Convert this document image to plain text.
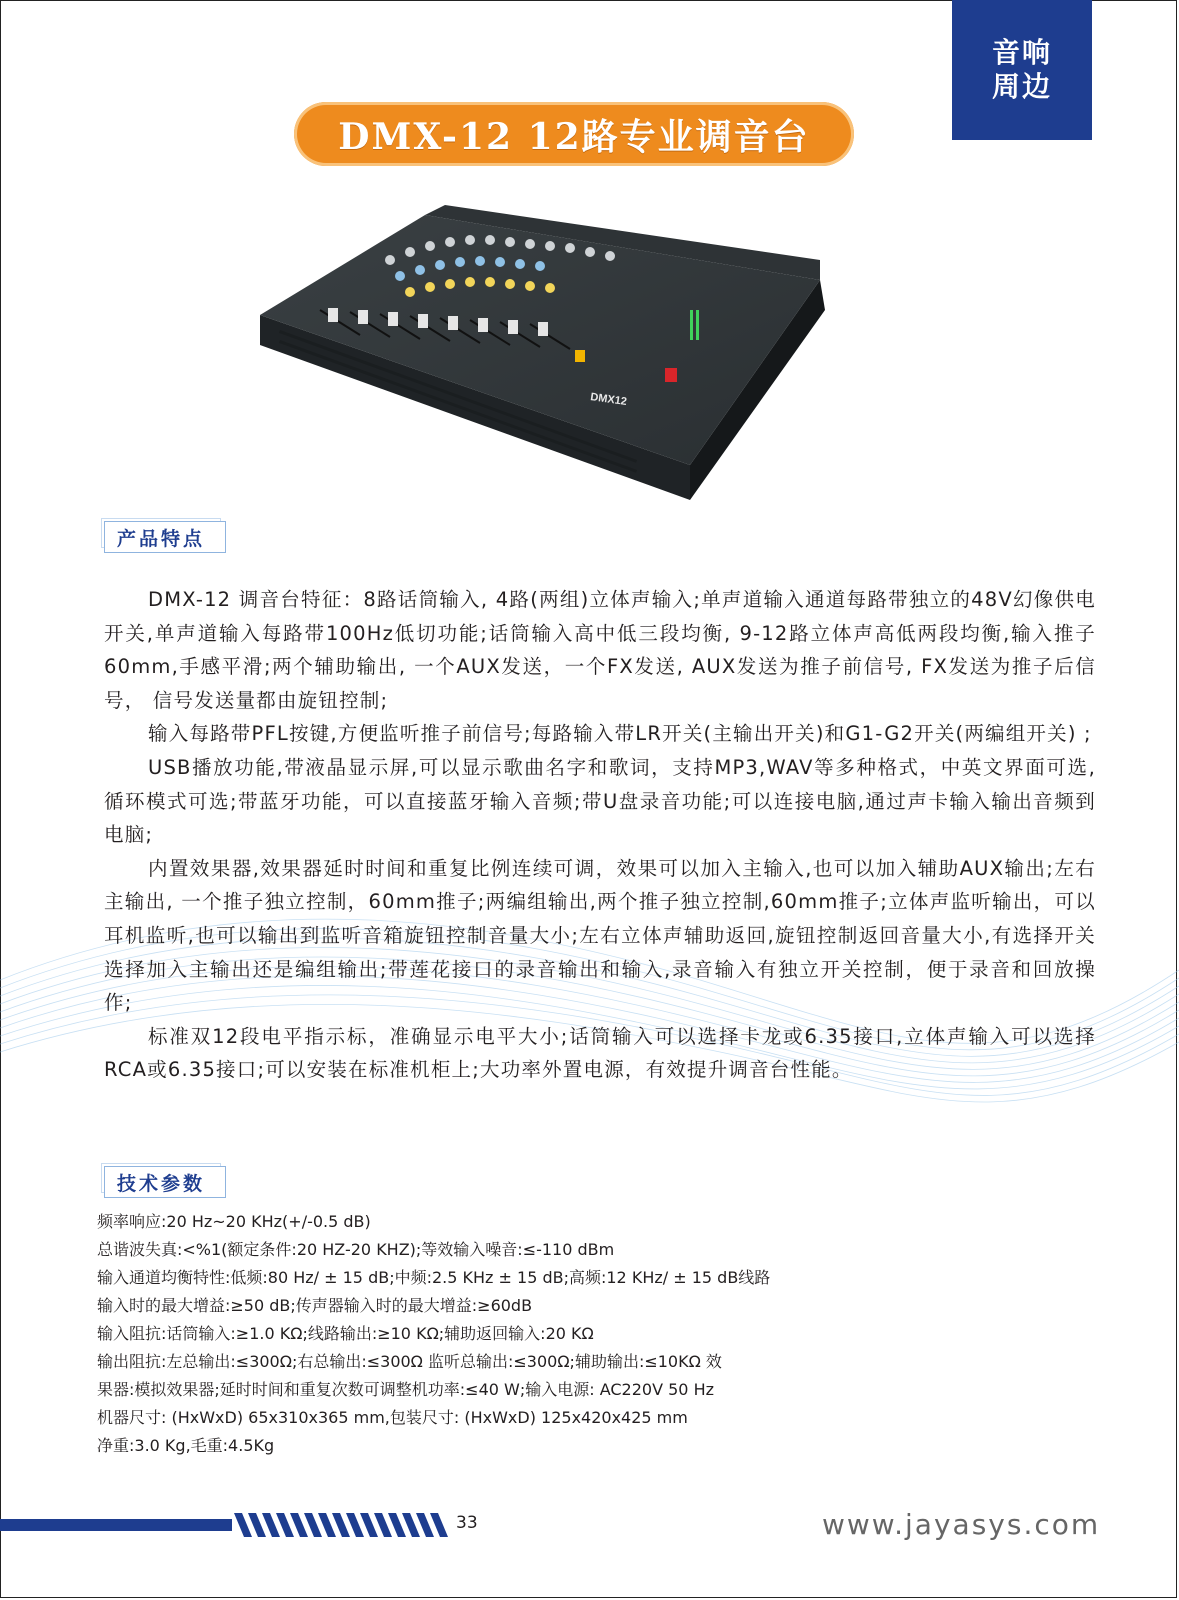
音响
周边
DMX-12 12路专业调音台
DMX12
产品特点

DMX-12 调音台特征：8路话筒输入, 4路(两组)立体声输入;单声道输入通道每路带独立的48V幻像供电开关,单声道输入每路带100Hz低切功能;话筒输入高中低三段均衡, 9-12路立体声高低两段均衡,输入推子60mm,手感平滑;两个辅助输出, 一个AUX发送，一个FX发送, AUX发送为推子前信号, FX发送为推子后信号， 信号发送量都由旋钮控制;

输入每路带PFL按键,方便监听推子前信号;每路输入带LR开关(主输出开关)和G1-G2开关(两编组开关) ;

USB播放功能,带液晶显示屏,可以显示歌曲名字和歌词，支持MP3,WAV等多种格式，中英文界面可选,循环模式可选;带蓝牙功能，可以直接蓝牙输入音频;带U盘录音功能;可以连接电脑,通过声卡输入输出音频到电脑;

内置效果器,效果器延时时间和重复比例连续可调，效果可以加入主输入,也可以加入辅助AUX输出;左右主输出, 一个推子独立控制，60mm推子;两编组输出,两个推子独立控制,60mm推子;立体声监听输出，可以耳机监听,也可以输出到监听音箱旋钮控制音量大小;左右立体声辅助返回,旋钮控制返回音量大小,有选择开关选择加入主输出还是编组输出;带莲花接口的录音输出和输入,录音输入有独立开关控制，便于录音和回放操作;

标准双12段电平指示标，准确显示电平大小;话筒输入可以选择卡龙或6.35接口,立体声输入可以选择RCA或6.35接口;可以安装在标准机柜上;大功率外置电源，有效提升调音台性能。

技术参数
频率响应:20 Hz~20 KHz(+/-0.5 dB)
总谐波失真:<%1(额定条件:20 HZ-20 KHZ);等效输入噪音:≤-110 dBm
输入通道均衡特性:低频:80 Hz/ ± 15 dB;中频:2.5 KHz ± 15 dB;高频:12 KHz/ ± 15 dB线路
输入时的最大增益:≥50 dB;传声器输入时的最大增益:≥60dB
输入阻抗:话筒输入:≥1.0 KΩ;线路输出:≥10 KΩ;辅助返回输入:20 KΩ
输出阻抗:左总输出:≤300Ω;右总输出:≤300Ω 监听总输出:≤300Ω;辅助输出:≤10KΩ 效
果器:模拟效果器;延时时间和重复次数可调整机功率:≤40 W;输入电源: AC220V 50 Hz
机器尺寸: (HxWxD) 65x310x365 mm,包装尺寸: (HxWxD) 125x420x425 mm
净重:3.0 Kg,毛重:4.5Kg
33	www.jayasys.com
